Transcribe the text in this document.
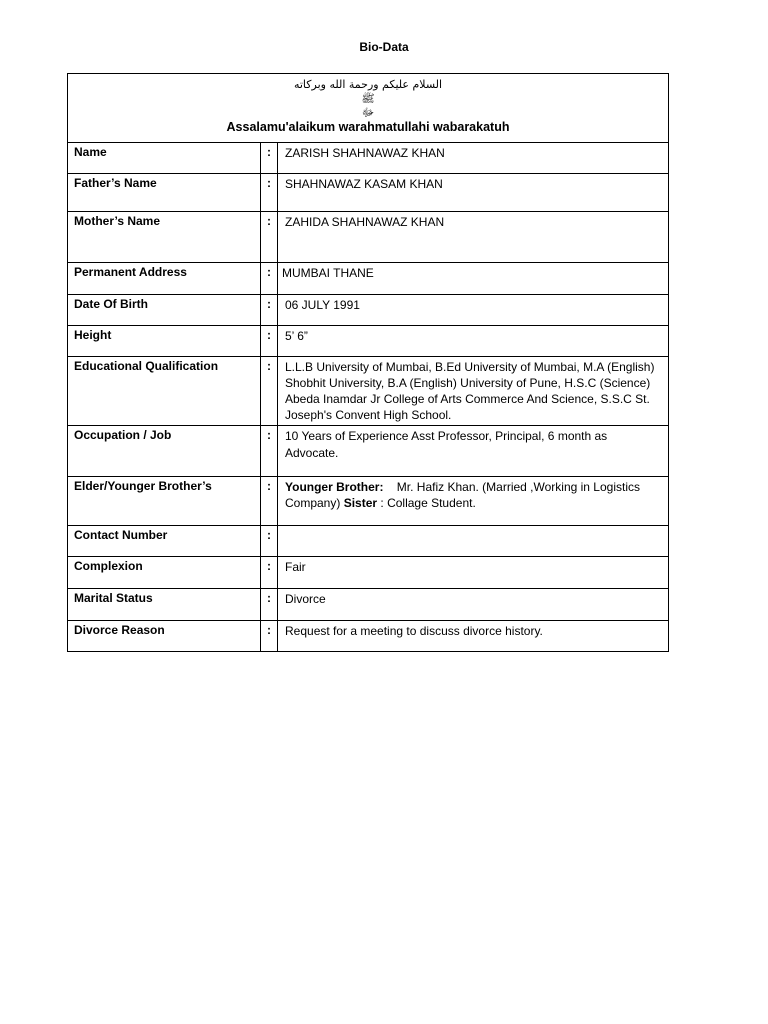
Bio-Data
السلام عليكم ورحمة الله وبركاته
ﷺ
ﷻ
Assalamu'alaikum warahmatullahi wabarakatuh		

Name	:	ZARISH SHAHNAWAZ KHAN
Father’s Name	:	SHAHNAWAZ KASAM KHAN
Mother’s Name	:	ZAHIDA SHAHNAWAZ KHAN
Permanent Address	:	MUMBAI THANE
Date Of Birth	:	06 JULY 1991
Height	:	5’ 6”
Educational Qualification	:	L.L.B University of Mumbai, B.Ed University of Mumbai, M.A (English) Shobhit University, B.A (English) University of Pune, H.S.C (Science) Abeda Inamdar Jr College of Arts Commerce And Science, S.S.C St. Joseph's Convent High School.
Occupation / Job	:	10 Years of Experience Asst Professor, Principal, 6 month as Advocate.
Elder/Younger Brother’s	:	Younger Brother:    Mr. Hafiz Khan. (Married ,Working in Logistics Company) Sister : Collage Student.
Contact Number	:	
Complexion	:	Fair
Marital Status	:	Divorce
Divorce Reason	:	Request for a meeting to discuss divorce history.
